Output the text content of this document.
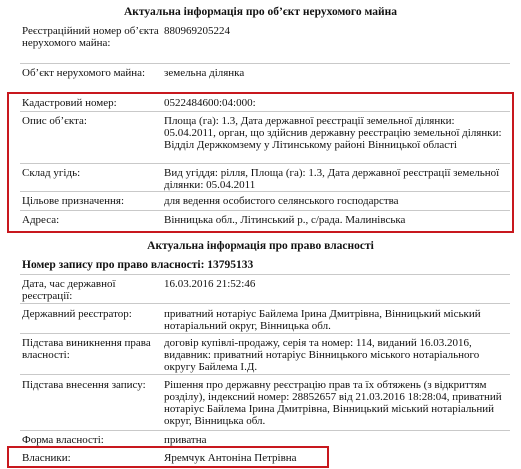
Актуальна інформація про об’єкт нерухомого майна
Реєстраційний номер об’єкта нерухомого майна:
880969205224
Об’єкт нерухомого майна:	земельна ділянка
Кадастровий номер:	0522484600:04:000:
Опис об’єкта:	Площа (га): 1.3, Дата державної реєстрації земельної ділянки: 05.04.2011, орган, що здійснив державну реєстрацію земельної ділянки: Відділ Держкомзему у Літинському районі Вінницької області
Склад угідь:	Вид угіддя: рілля, Площа (га): 1.3, Дата державної реєстрації земельної ділянки: 05.04.2011
Цільове призначення:	для ведення особистого селянського господарства
Адреса:	Вінницька обл., Літинський р., с/рада. Малинівська
Актуальна інформація про право власності
Номер запису про право власності: 13795133
Дата, час державної реєстрації:
16.03.2016 21:52:46
Державний реєстратор:	приватний нотаріус Байлема Ірина Дмитрівна, Вінницький міський нотаріальний округ, Вінницька обл.
Підстава виникнення права власності:
договір купівлі-продажу, серія та номер: 114, виданий 16.03.2016, видавник: приватний нотаріус Вінницького міського нотаріального округу Байлема І.Д.
Підстава внесення запису:	Рішення про державну реєстрацію прав та їх обтяжень (з відкриттям розділу), індексний номер: 28852657 від 21.03.2016 18:28:04, приватний нотаріус Байлема Ірина Дмитрівна, Вінницький міський нотаріальний округ, Вінницька обл.
Форма власності:	приватна
Власники:	Яремчук Антоніна Петрівна
